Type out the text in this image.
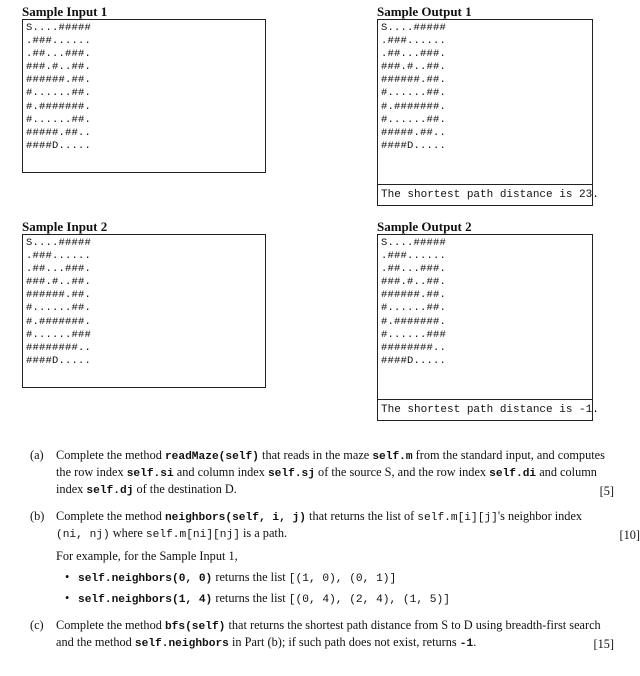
Sample Input 1
S....#####
.###......
.##...###.
###.#..##.
######.##.
#......##.
#.#######.
#......##.
#####.##..
####D.....
Sample Output 1
S....#####
.###......
.##...###.
###.#..##.
######.##.
#......##.
#.#######.
#......##.
#####.##..
####D.....
The shortest path distance is 23.
Sample Input 2
S....#####
.###......
.##...###.
###.#..##.
######.##.
#......##.
#.#######.
#......###
########..
####D.....
Sample Output 2
S....#####
.###......
.##...###.
###.#..##.
######.##.
#......##.
#.#######.
#......###
########..
####D.....
The shortest path distance is -1.
(a) Complete the method readMaze(self) that reads in the maze self.m from the standard input, and computes the row index self.si and column index self.sj of the source S, and the row index self.di and column index self.dj of the destination D.	[5]
(b) Complete the method neighbors(self, i, j) that returns the list of self.m[i][j]'s neighbor index (ni, nj) where self.m[ni][nj] is a path.	[10]
For example, for the Sample Input 1,
• self.neighbors(0, 0) returns the list [(1, 0), (0, 1)]
• self.neighbors(1, 4) returns the list [(0, 4), (2, 4), (1, 5)]
(c) Complete the method bfs(self) that returns the shortest path distance from S to D using breadth-first search and the method self.neighbors in Part (b); if such path does not exist, returns -1.	[15]
